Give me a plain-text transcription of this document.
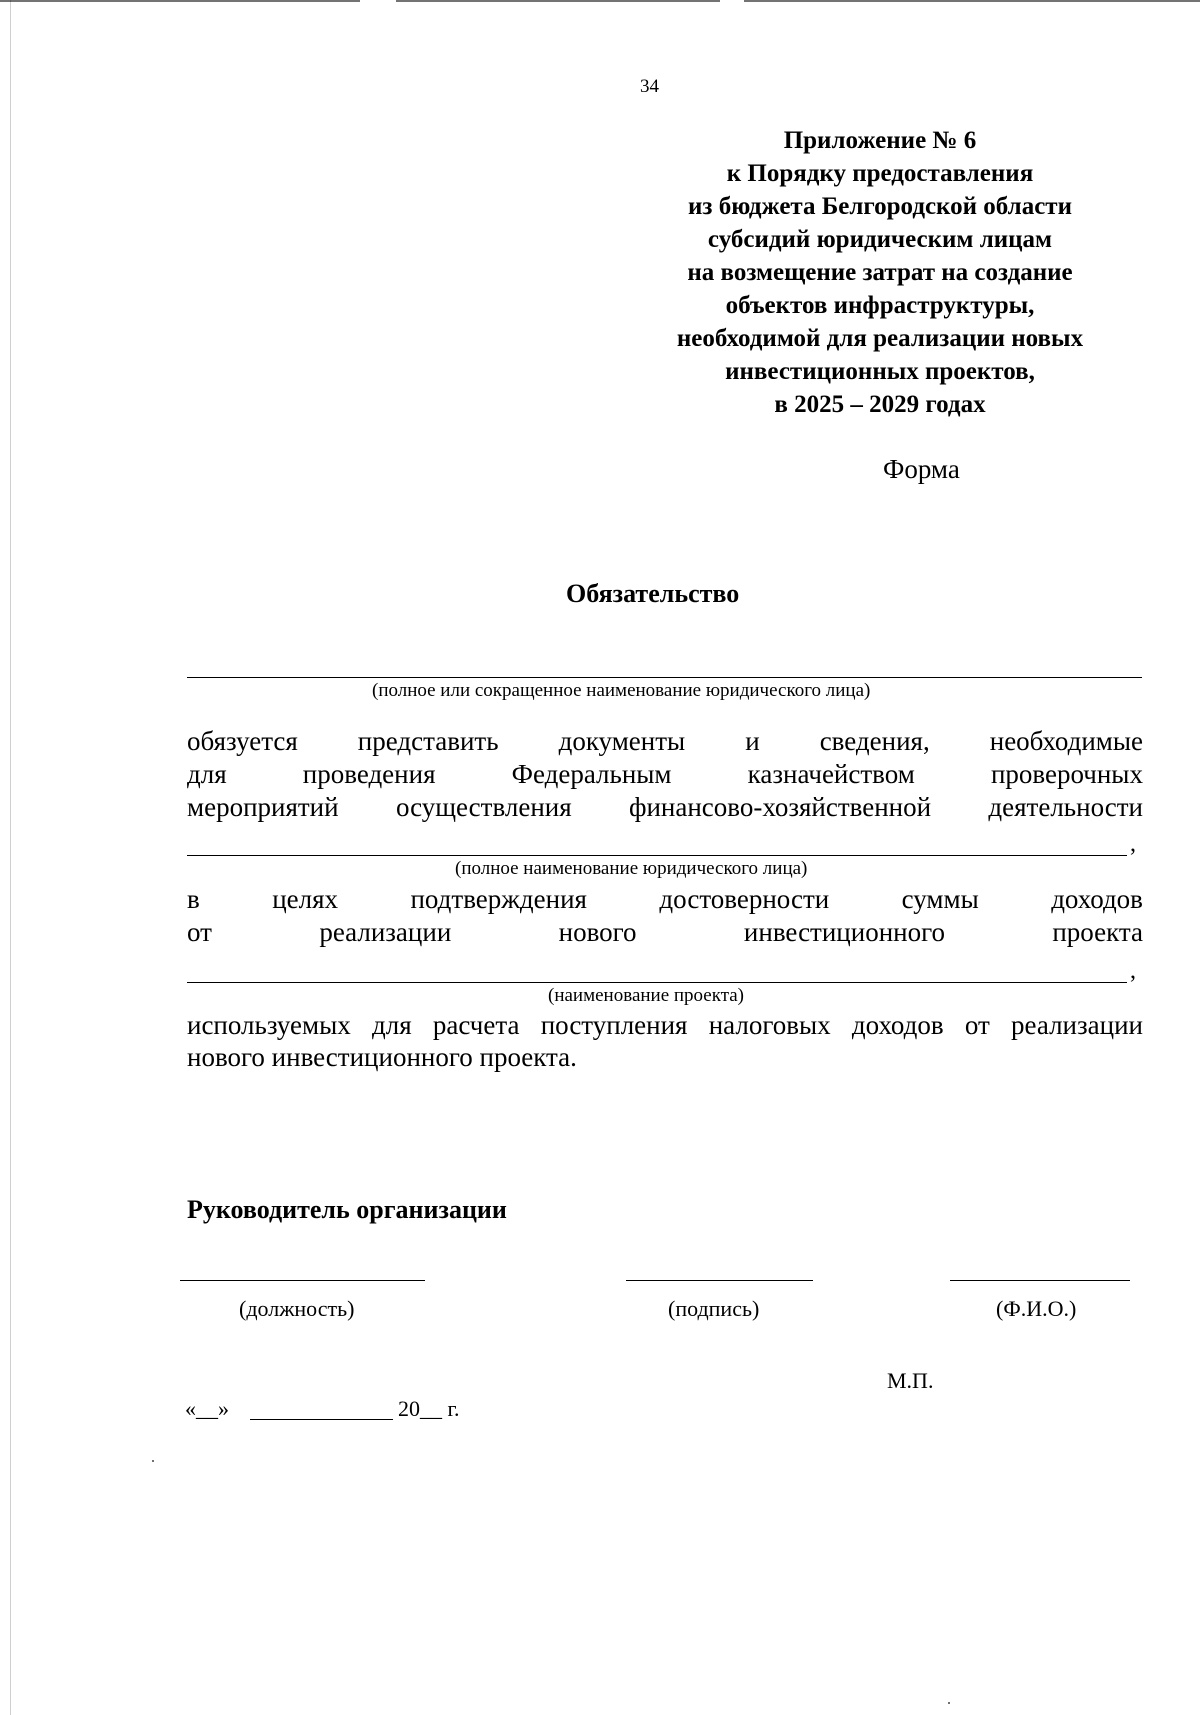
34
Приложение № 6
к Порядку предоставления
из бюджета Белгородской области
субсидий юридическим лицам
на возмещение затрат на создание
объектов инфраструктуры,
необходимой для реализации новых
инвестиционных проектов,
в 2025 – 2029 годах
Форма
Обязательство
(полное или сокращенное наименование юридического лица)
обязуется представить документы и сведения, необходимые
для	проведения	Федеральным	казначейством	проверочных
мероприятий осуществления финансово-хозяйственной деятельности
,
(полное наименование юридического лица)
в	целях	подтверждения	достоверности	суммы	доходов
от	реализации	нового	инвестиционного	проекта
,
(наименование проекта)
используемых для расчета поступления налоговых доходов от реализации
нового инвестиционного проекта.
Руководитель организации
(должность)	(подпись)	(Ф.И.О.)
М.П.
«__»	20__ г.
